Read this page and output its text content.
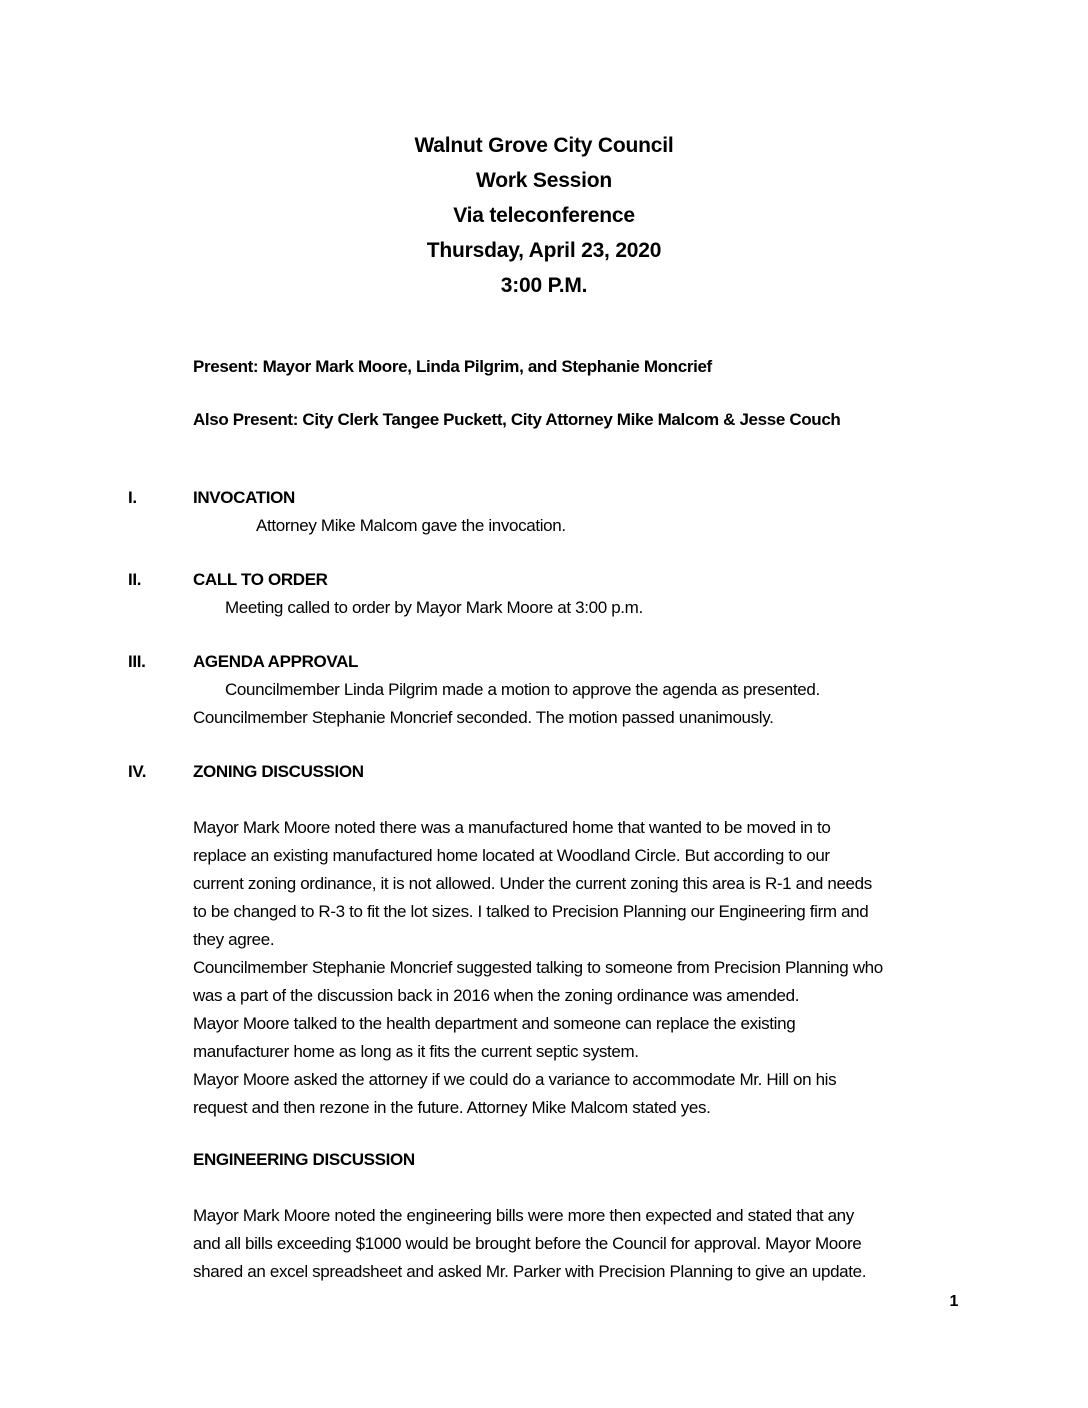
Walnut Grove City Council
Work Session
Via teleconference
Thursday, April 23, 2020
3:00 P.M.

Present: Mayor Mark Moore, Linda Pilgrim, and Stephanie Moncrief

Also Present: City Clerk Tangee Puckett, City Attorney Mike Malcom & Jesse Couch

I.	INVOCATION
Attorney Mike Malcom gave the invocation.
II.	CALL TO ORDER
Meeting called to order by Mayor Mark Moore at 3:00 p.m.
III.	AGENDA APPROVAL
Councilmember Linda Pilgrim made a motion to approve the agenda as presented.
Councilmember Stephanie Moncrief seconded. The motion passed unanimously.
IV.	ZONING DISCUSSION
Mayor Mark Moore noted there was a manufactured home that wanted to be moved in to
replace an existing manufactured home located at Woodland Circle. But according to our
current zoning ordinance, it is not allowed. Under the current zoning this area is R-1 and needs
to be changed to R-3 to fit the lot sizes. I talked to Precision Planning our Engineering firm and
they agree.
Councilmember Stephanie Moncrief suggested talking to someone from Precision Planning who
was a part of the discussion back in 2016 when the zoning ordinance was amended.
Mayor Moore talked to the health department and someone can replace the existing
manufacturer home as long as it fits the current septic system.
Mayor Moore asked the attorney if we could do a variance to accommodate Mr. Hill on his
request and then rezone in the future. Attorney Mike Malcom stated yes.
ENGINEERING DISCUSSION
Mayor Mark Moore noted the engineering bills were more then expected and stated that any
and all bills exceeding $1000 would be brought before the Council for approval. Mayor Moore
shared an excel spreadsheet and asked Mr. Parker with Precision Planning to give an update.
1
